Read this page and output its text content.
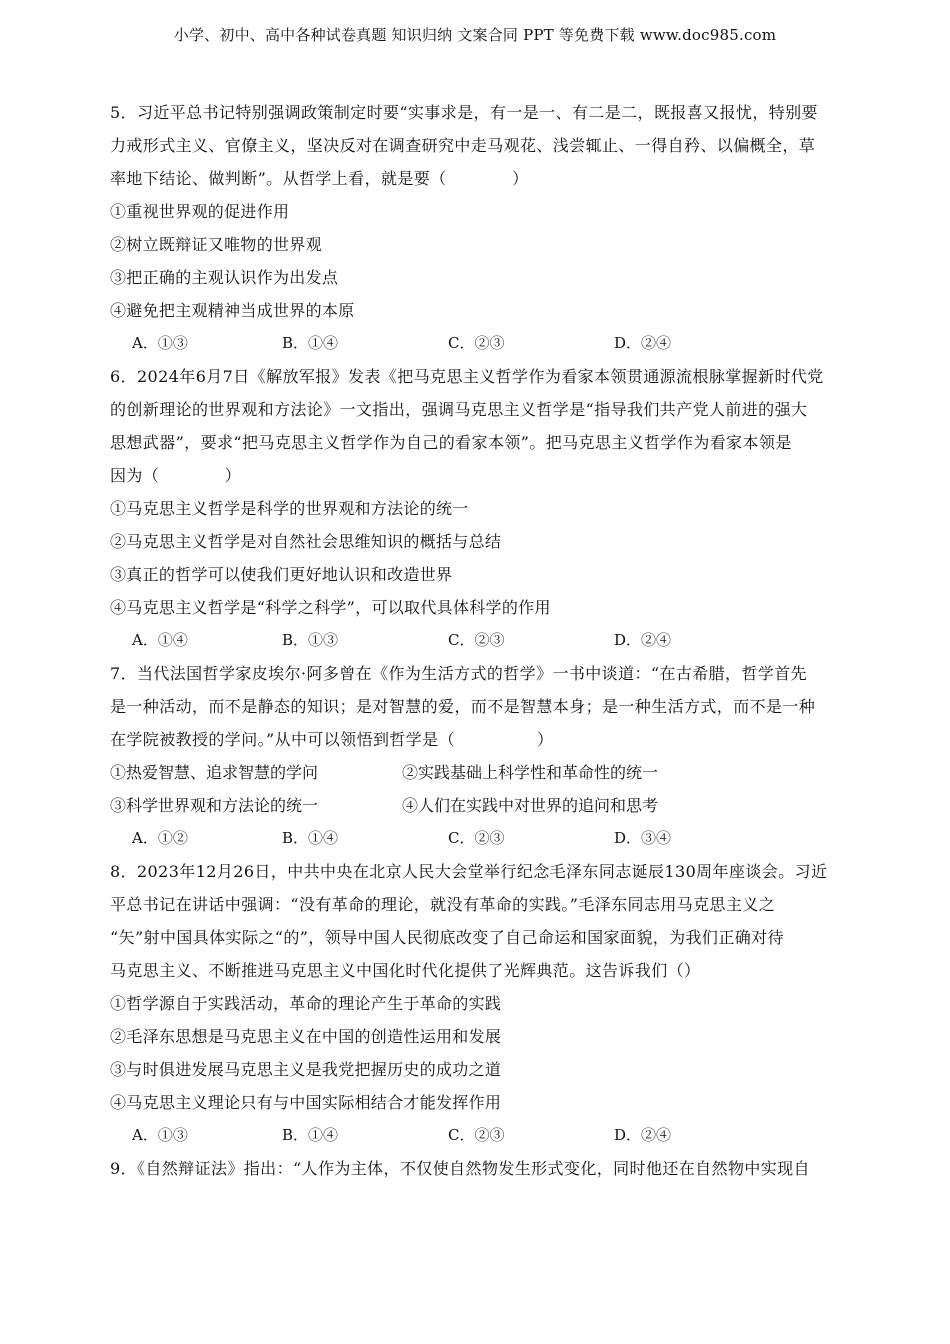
小学、初中、高中各种试卷真题 知识归纳 文案合同 PPT 等免费下载 www.doc985.com
5．习近平总书记特别强调政策制定时要“实事求是，有一是一、有二是二，既报喜又报忧，特别要
力戒形式主义、官僚主义，坚决反对在调查研究中走马观花、浅尝辄止、一得自矜、以偏概全，草
率地下结论、做判断”。从哲学上看，就是要（　　　　）
①重视世界观的促进作用
②树立既辩证又唯物的世界观
③把正确的主观认识作为出发点
④避免把主观精神当成世界的本原
A．①③	B．①④	C．②③	D．②④
6．2024年6月7日《解放军报》发表《把马克思主义哲学作为看家本领贯通源流根脉掌握新时代党
的创新理论的世界观和方法论》一文指出，强调马克思主义哲学是“指导我们共产党人前进的强大
思想武器”，要求“把马克思主义哲学作为自己的看家本领”。把马克思主义哲学作为看家本领是
因为（　　　　）
①马克思主义哲学是科学的世界观和方法论的统一
②马克思主义哲学是对自然社会思维知识的概括与总结
③真正的哲学可以使我们更好地认识和改造世界
④马克思主义哲学是“科学之科学”，可以取代具体科学的作用
A．①④	B．①③	C．②③	D．②④
7．当代法国哲学家皮埃尔·阿多曾在《作为生活方式的哲学》一书中谈道：“在古希腊，哲学首先
是一种活动，而不是静态的知识；是对智慧的爱，而不是智慧本身；是一种生活方式，而不是一种
在学院被教授的学问。”从中可以领悟到哲学是（　　　　　）
①热爱智慧、追求智慧的学问	②实践基础上科学性和革命性的统一
③科学世界观和方法论的统一	④人们在实践中对世界的追问和思考
A．①②	B．①④	C．②③	D．③④
8．2023年12月26日，中共中央在北京人民大会堂举行纪念毛泽东同志诞辰130周年座谈会。习近
平总书记在讲话中强调：“没有革命的理论，就没有革命的实践。”毛泽东同志用马克思主义之
“矢”射中国具体实际之“的”，领导中国人民彻底改变了自己命运和国家面貌，为我们正确对待
马克思主义、不断推进马克思主义中国化时代化提供了光辉典范。这告诉我们（）
①哲学源自于实践活动，革命的理论产生于革命的实践
②毛泽东思想是马克思主义在中国的创造性运用和发展
③与时俱进发展马克思主义是我党把握历史的成功之道
④马克思主义理论只有与中国实际相结合才能发挥作用
A．①③	B．①④	C．②③	D．②④
9．《自然辩证法》指出：“人作为主体，不仅使自然物发生形式变化，同时他还在自然物中实现自
